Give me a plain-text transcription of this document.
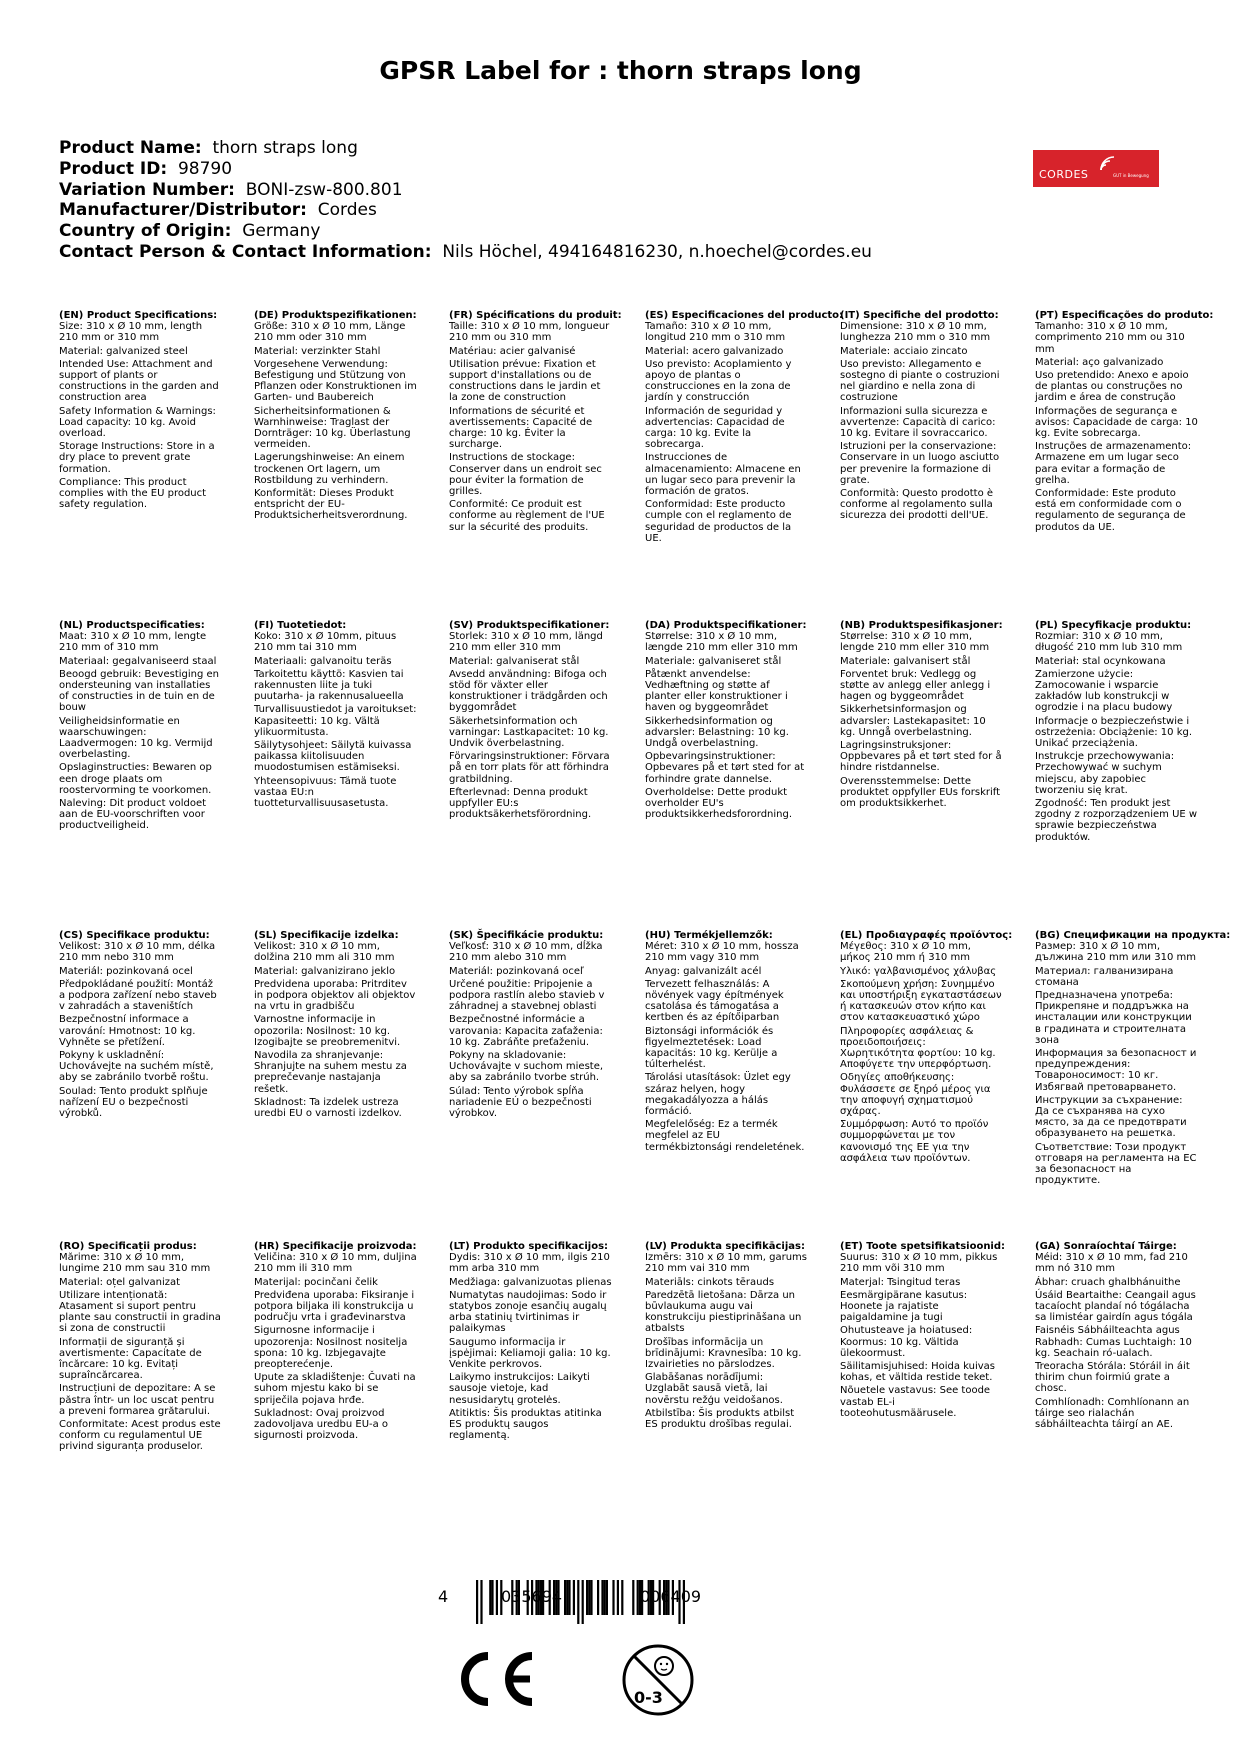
GPSR Label for : thorn straps long
Product Name: thorn straps long
Product ID: 98790
Variation Number: BONI-zsw-800.801
Manufacturer/Distributor: Cordes
Country of Origin: Germany
Contact Person & Contact Information: Nils Höchel, 494164816230, n.hoechel@cordes.eu
CORDES	GUT in Bewegung
(EN) Product Specifications:

Size: 310 x Ø 10 mm, length 210 mm or 310 mm

Material: galvanized steel

Intended Use: Attachment and support of plants or constructions in the garden and construction area

Safety Information & Warnings: Load capacity: 10 kg. Avoid overload.

Storage Instructions: Store in a dry place to prevent grate formation.

Compliance: This product complies with the EU product safety regulation.

(DE) Produktspezifikationen:

Größe: 310 x Ø 10 mm, Länge 210 mm oder 310 mm

Material: verzinkter Stahl

Vorgesehene Verwendung: Befestigung und Stützung von Pflanzen oder Konstruktionen im Garten- und Baubereich

Sicherheitsinformationen & Warnhinweise: Traglast der Dornträger: 10 kg. Überlastung vermeiden.

Lagerungshinweise: An einem trockenen Ort lagern, um Rostbildung zu verhindern.

Konformität: Dieses Produkt entspricht der EU-Produktsicherheitsverordnung.

(FR) Spécifications du produit:

Taille: 310 x Ø 10 mm, longueur 210 mm ou 310 mm

Matériau: acier galvanisé

Utilisation prévue: Fixation et support d'installations ou de constructions dans le jardin et la zone de construction

Informations de sécurité et avertissements: Capacité de charge: 10 kg. Éviter la surcharge.

Instructions de stockage: Conserver dans un endroit sec pour éviter la formation de grilles.

Conformité: Ce produit est conforme au règlement de l'UE sur la sécurité des produits.

(ES) Especificaciones del producto:

Tamaño: 310 x Ø 10 mm, longitud 210 mm o 310 mm

Material: acero galvanizado

Uso previsto: Acoplamiento y apoyo de plantas o construcciones en la zona de jardín y construcción

Información de seguridad y advertencias: Capacidad de carga: 10 kg. Evite la sobrecarga.

Instrucciones de almacenamiento: Almacene en un lugar seco para prevenir la formación de gratos.

Conformidad: Este producto cumple con el reglamento de seguridad de productos de la UE.

(IT) Specifiche del prodotto:

Dimensione: 310 x Ø 10 mm, lunghezza 210 mm o 310 mm

Materiale: acciaio zincato

Uso previsto: Allegamento e sostegno di piante o costruzioni nel giardino e nella zona di costruzione

Informazioni sulla sicurezza e avvertenze: Capacità di carico: 10 kg. Evitare il sovraccarico.

Istruzioni per la conservazione: Conservare in un luogo asciutto per prevenire la formazione di grate.

Conformità: Questo prodotto è conforme al regolamento sulla sicurezza dei prodotti dell'UE.

(PT) Especificações do produto:

Tamanho: 310 x Ø 10 mm, comprimento 210 mm ou 310 mm

Material: aço galvanizado

Uso pretendido: Anexo e apoio de plantas ou construções no jardim e área de construção

Informações de segurança e avisos: Capacidade de carga: 10 kg. Evite sobrecarga.

Instruções de armazenamento: Armazene em um lugar seco para evitar a formação de grelha.

Conformidade: Este produto está em conformidade com o regulamento de segurança de produtos da UE.

(NL) Productspecificaties:

Maat: 310 x Ø 10 mm, lengte 210 mm of 310 mm

Materiaal: gegalvaniseerd staal

Beoogd gebruik: Bevestiging en ondersteuning van installaties of constructies in de tuin en de bouw

Veiligheidsinformatie en waarschuwingen: Laadvermogen: 10 kg. Vermijd overbelasting.

Opslaginstructies: Bewaren op een droge plaats om roostervorming te voorkomen.

Naleving: Dit product voldoet aan de EU-voorschriften voor productveiligheid.

(FI) Tuotetiedot:

Koko: 310 x Ø 10mm, pituus 210 mm tai 310 mm

Materiaali: galvanoitu teräs

Tarkoitettu käyttö: Kasvien tai rakennusten liite ja tuki puutarha- ja rakennusalueella

Turvallisuustiedot ja varoitukset: Kapasiteetti: 10 kg. Vältä ylikuormitusta.

Säilytysohjeet: Säilytä kuivassa paikassa kiitolisuuden muodostumisen estämiseksi.

Yhteensopivuus: Tämä tuote vastaa EU:n tuotteturvallisuusasetusta.

(SV) Produktspecifikationer:

Storlek: 310 x Ø 10 mm, längd 210 mm eller 310 mm

Material: galvaniserat stål

Avsedd användning: Bifoga och stöd för växter eller konstruktioner i trädgården och byggområdet

Säkerhetsinformation och varningar: Lastkapacitet: 10 kg. Undvik överbelastning.

Förvaringsinstruktioner: Förvara på en torr plats för att förhindra gratbildning.

Efterlevnad: Denna produkt uppfyller EU:s produktsäkerhetsförordning.

(DA) Produktspecifikationer:

Størrelse: 310 x Ø 10 mm, længde 210 mm eller 310 mm

Materiale: galvaniseret stål

Påtænkt anvendelse: Vedhæftning og støtte af planter eller konstruktioner i haven og byggeområdet

Sikkerhedsinformation og advarsler: Belastning: 10 kg. Undgå overbelastning.

Opbevaringsinstruktioner: Opbevares på et tørt sted for at forhindre grate dannelse.

Overholdelse: Dette produkt overholder EU's produktsikkerhedsforordning.

(NB) Produktspesifikasjoner:

Størrelse: 310 x Ø 10 mm, lengde 210 mm eller 310 mm

Materiale: galvanisert stål

Forventet bruk: Vedlegg og støtte av anlegg eller anlegg i hagen og byggeområdet

Sikkerhetsinformasjon og advarsler: Lastekapasitet: 10 kg. Unngå overbelastning.

Lagringsinstruksjoner: Oppbevares på et tørt sted for å hindre ristdannelse.

Overensstemmelse: Dette produktet oppfyller EUs forskrift om produktsikkerhet.

(PL) Specyfikacje produktu:

Rozmiar: 310 x Ø 10 mm, długość 210 mm lub 310 mm

Materiał: stal ocynkowana

Zamierzone użycie: Zamocowanie i wsparcie zakładów lub konstrukcji w ogrodzie i na placu budowy

Informacje o bezpieczeństwie i ostrzeżenia: Obciążenie: 10 kg. Unikać przeciążenia.

Instrukcje przechowywania: Przechowywać w suchym miejscu, aby zapobiec tworzeniu się krat.

Zgodność: Ten produkt jest zgodny z rozporządzeniem UE w sprawie bezpieczeństwa produktów.

(CS) Specifikace produktu:

Velikost: 310 x Ø 10 mm, délka 210 mm nebo 310 mm

Materiál: pozinkovaná ocel

Předpokládané použití: Montáž a podpora zařízení nebo staveb v zahradách a staveništích

Bezpečnostní informace a varování: Hmotnost: 10 kg. Vyhněte se přetížení.

Pokyny k uskladnění: Uchovávejte na suchém místě, aby se zabránilo tvorbě roštu.

Soulad: Tento produkt splňuje nařízení EU o bezpečnosti výrobků.

(SL) Specifikacije izdelka:

Velikost: 310 x Ø 10 mm, dolžina 210 mm ali 310 mm

Material: galvanizirano jeklo

Predvidena uporaba: Pritrditev in podpora objektov ali objektov na vrtu in gradbišču

Varnostne informacije in opozorila: Nosilnost: 10 kg. Izogibajte se preobremenitvi.

Navodila za shranjevanje: Shranjujte na suhem mestu za preprečevanje nastajanja rešetk.

Skladnost: Ta izdelek ustreza uredbi EU o varnosti izdelkov.

(SK) Špecifikácie produktu:

Veľkosť: 310 x Ø 10 mm, dĺžka 210 mm alebo 310 mm

Materiál: pozinkovaná oceľ

Určené použitie: Pripojenie a podpora rastlín alebo stavieb v záhradnej a stavebnej oblasti

Bezpečnostné informácie a varovania: Kapacita zaťaženia: 10 kg. Zabráňte preťaženiu.

Pokyny na skladovanie: Uchovávajte v suchom mieste, aby sa zabránilo tvorbe strúh.

Súlad: Tento výrobok spĺňa nariadenie EÚ o bezpečnosti výrobkov.

(HU) Termékjellemzők:

Méret: 310 x Ø 10 mm, hossza 210 mm vagy 310 mm

Anyag: galvanizált acél

Tervezett felhasználás: A növények vagy építmények csatolása és támogatása a kertben és az építőiparban

Biztonsági információk és figyelmeztetések: Load kapacitás: 10 kg. Kerülje a túlterhelést.

Tárolási utasítások: Üzlet egy száraz helyen, hogy megakadályozza a hálás formáció.

Megfelelőség: Ez a termék megfelel az EU termékbiztonsági rendeletének.

(EL) Προδιαγραφές προϊόντος:

Μέγεθος: 310 x Ø 10 mm, μήκος 210 mm ή 310 mm

Υλικό: γαλβανισμένος χάλυβας

Σκοπούμενη χρήση: Συνημμένο και υποστήριξη εγκαταστάσεων ή κατασκευών στον κήπο και στον κατασκευαστικό χώρο

Πληροφορίες ασφάλειας & προειδοποιήσεις: Χωρητικότητα φορτίου: 10 kg. Αποφύγετε την υπερφόρτωση.

Οδηγίες αποθήκευσης: Φυλάσσετε σε ξηρό μέρος για την αποφυγή σχηματισμού σχάρας.

Συμμόρφωση: Αυτό το προϊόν συμμορφώνεται με τον κανονισμό της ΕΕ για την ασφάλεια των προϊόντων.

(BG) Спецификации на продукта:

Размер: 310 x Ø 10 mm, дължина 210 mm или 310 mm

Материал: галванизирана стомана

Предназначена употреба: Прикрепяне и поддръжка на инсталации или конструкции в градината и строителната зона

Информация за безопасност и предупреждения: Товароносимост: 10 кг. Избягвай претоварването.

Инструкции за съхранение: Да се съхранява на сухо място, за да се предотврати образуването на решетка.

Съответствие: Този продукт отговаря на регламента на ЕС за безопасност на продуктите.

(RO) Specificații produs:

Mărime: 310 x Ø 10 mm, lungime 210 mm sau 310 mm

Material: oțel galvanizat

Utilizare intenționată: Atasament si suport pentru plante sau constructii in gradina si zona de constructii

Informații de siguranță și avertismente: Capacitate de încărcare: 10 kg. Evitați supraîncărcarea.

Instrucțiuni de depozitare: A se păstra într- un loc uscat pentru a preveni formarea grătarului.

Conformitate: Acest produs este conform cu regulamentul UE privind siguranța produselor.

(HR) Specifikacije proizvoda:

Veličina: 310 x Ø 10 mm, duljina 210 mm ili 310 mm

Materijal: pocinčani čelik

Predviđena uporaba: Fiksiranje i potpora biljaka ili konstrukcija u području vrta i građevinarstva

Sigurnosne informacije i upozorenja: Nosilnost nositelja spona: 10 kg. Izbjegavajte preopterećenje.

Upute za skladištenje: Čuvati na suhom mjestu kako bi se spriječila pojava hrđe.

Sukladnost: Ovaj proizvod zadovoljava uredbu EU-a o sigurnosti proizvoda.

(LT) Produkto specifikacijos:

Dydis: 310 x Ø 10 mm, ilgis 210 mm arba 310 mm

Medžiaga: galvanizuotas plienas

Numatytas naudojimas: Sodo ir statybos zonoje esančių augalų arba statinių tvirtinimas ir palaikymas

Saugumo informacija ir įspėjimai: Keliamoji galia: 10 kg. Venkite perkrovos.

Laikymo instrukcijos: Laikyti sausoje vietoje, kad nesusidarytų grotelės.

Atitiktis: Šis produktas atitinka ES produktų saugos reglamentą.

(LV) Produkta specifikācijas:

Izmērs: 310 x Ø 10 mm, garums 210 mm vai 310 mm

Materiāls: cinkots tērauds

Paredzētā lietošana: Dārza un būvlaukuma augu vai konstrukciju piestiprināšana un atbalsts

Drošības informācija un brīdinājumi: Kravnesība: 10 kg. Izvairieties no pārslodzes.

Glabāšanas norādījumi: Uzglabāt sausā vietā, lai novērstu režģu veidošanos.

Atbilstība: Šis produkts atbilst ES produktu drošības regulai.

(ET) Toote spetsifikatsioonid:

Suurus: 310 x Ø 10 mm, pikkus 210 mm või 310 mm

Materjal: Tsingitud teras

Eesmärgipärane kasutus: Hoonete ja rajatiste paigaldamine ja tugi

Ohutusteave ja hoiatused: Koormus: 10 kg. Vältida ülekoormust.

Säilitamisjuhised: Hoida kuivas kohas, et vältida restide teket.

Nõuetele vastavus: See toode vastab EL-i tooteohutusmäärusele.

(GA) Sonraíochtaí Táirge:

Méid: 310 x Ø 10 mm, fad 210 mm nó 310 mm

Ábhar: cruach ghalbhánuithe

Úsáid Beartaithe: Ceangail agus tacaíocht plandaí nó tógálacha sa limistéar gairdín agus tógála

Faisnéis Sábháilteachta agus Rabhadh: Cumas Luchtaigh: 10 kg. Seachain ró-ualach.

Treoracha Stórála: Stóráil in áit thirim chun foirmiú grate a chosc.

Comhlíonadh: Comhlíonann an táirge seo rialachán sábháilteachta táirgí an AE.

4	035694	006409
0-3
